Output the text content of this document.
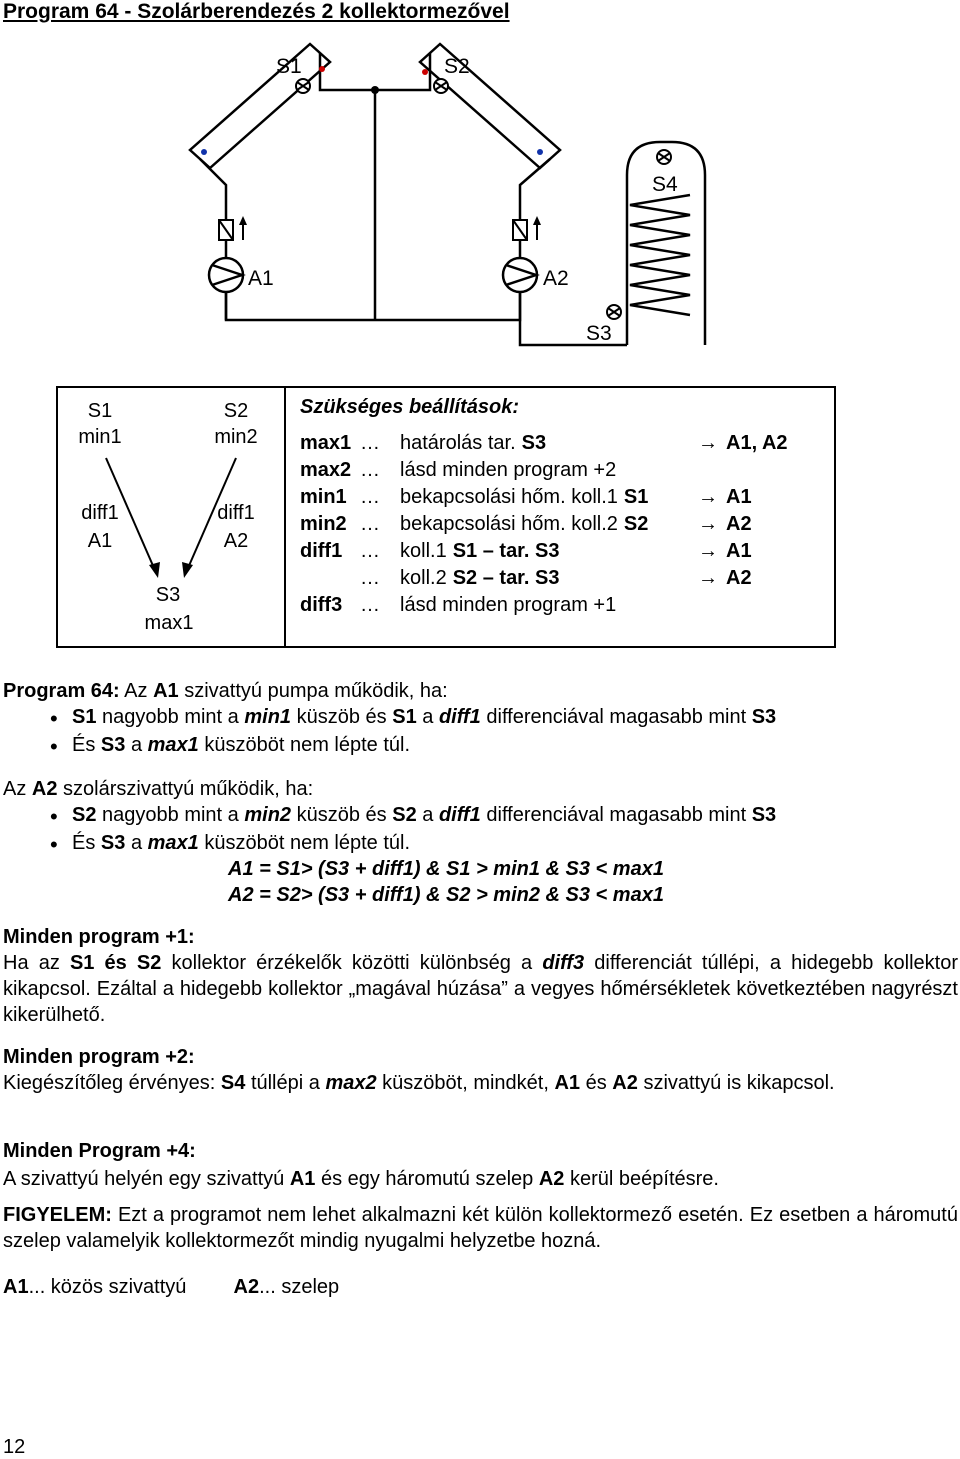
Program 64 - Szolárberendezés 2 kollektormezővel
S1	S2
S4
A1	A2
S3
S1
min1
diff1
A1
S3
max1
S2
min2
diff1
A2
Szükséges beállítások:
max1 … határolás tar. S3	→ A1, A2
max2 … lásd minden program +2
min1 … bekapcsolási hőm. koll.1 S1 → A1
min2 … bekapcsolási hőm. koll.2 S2 → A2
diff1 … koll.1 S1 – tar. S3	→ A1
… koll.2 S2 – tar. S3	→ A2
diff3 … lásd minden program +1
Program 64: Az A1 szivattyú pumpa működik, ha:
• S1 nagyobb mint a min1 küszöb és S1 a diff1 differenciával magasabb mint S3
• És S3 a max1 küszöböt nem lépte túl.
Az A2 szolárszivattyú működik, ha:
• S2 nagyobb mint a min2 küszöb és S2 a diff1 differenciával magasabb mint S3
• És S3 a max1 küszöböt nem lépte túl.
A1 = S1> (S3 + diff1) & S1 > min1 & S3 < max1
A2 = S2> (S3 + diff1) & S2 > min2 & S3 < max1
Minden program +1:
Ha az S1 és S2 kollektor érzékelők közötti különbség a diff3 differenciát túllépi, a hidegebb kollektor kikapcsol. Ezáltal a hidegebb kollektor „magával húzása” a vegyes hőmérsékletek következtében nagyrészt kikerülhető.
Minden program +2:
Kiegészítőleg érvényes: S4 túllépi a max2 küszöböt, mindkét, A1 és A2 szivattyú is kikapcsol.
Minden Program +4:
A szivattyú helyén egy szivattyú A1 és egy háromutú szelep A2 kerül beépítésre.
FIGYELEM: Ezt a programot nem lehet alkalmazni két külön kollektormező esetén. Ez esetben a háromutú szelep valamelyik kollektormezőt mindig nyugalmi helyzetbe hozná.
A1... közös szivattyú A2... szelep
12
